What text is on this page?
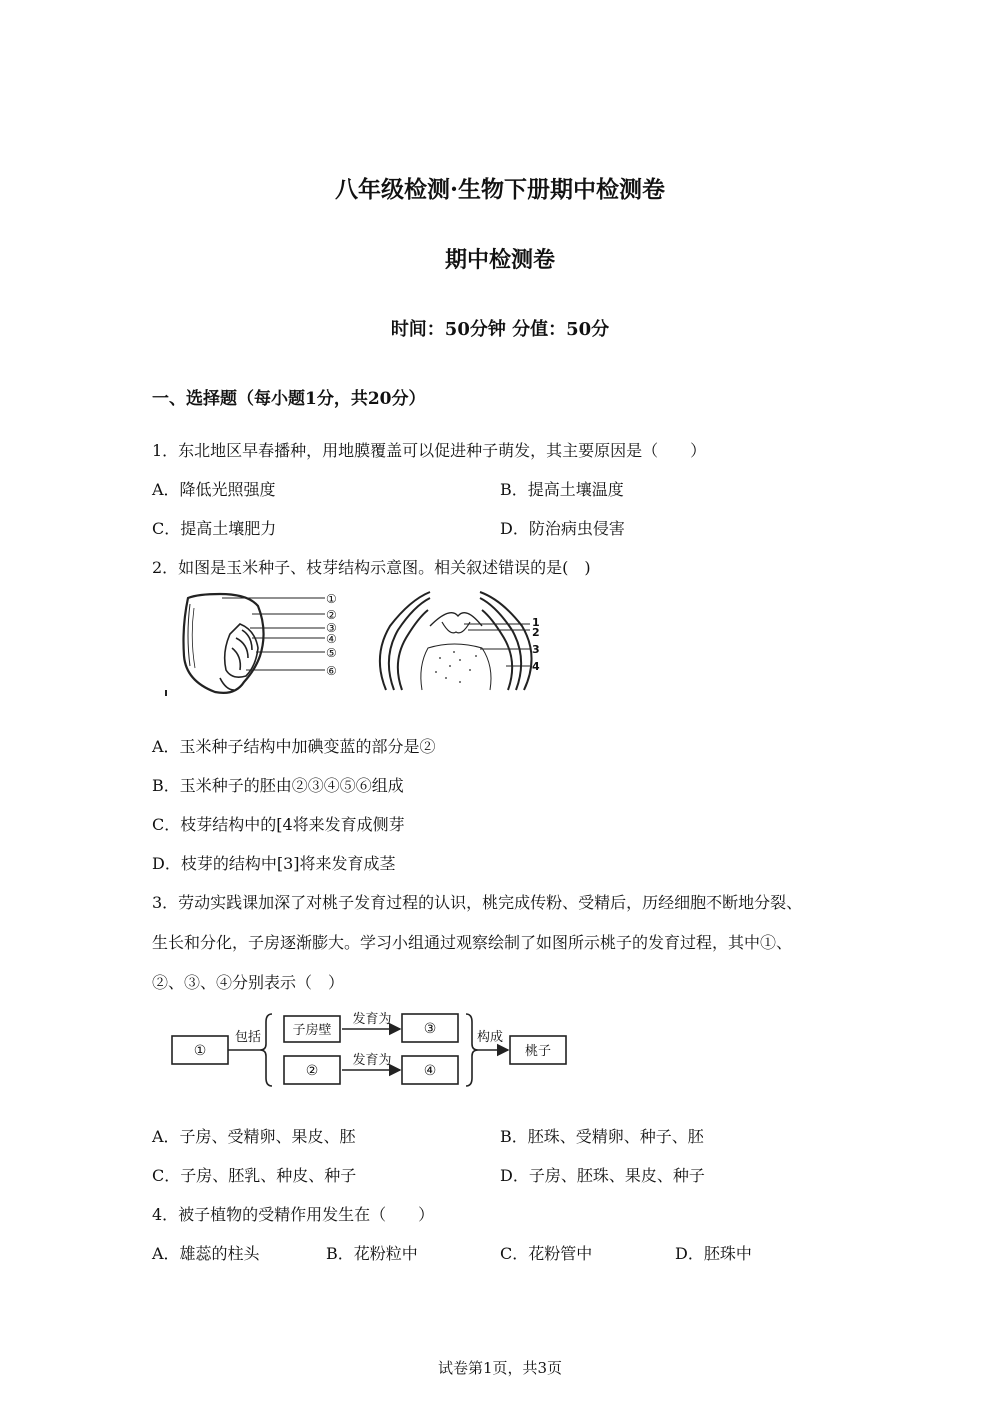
八年级检测·生物下册期中检测卷
期中检测卷
时间：50分钟 分值：50分
一、选择题（每小题1分，共20分）
1．东北地区早春播种，用地膜覆盖可以促进种子萌发，其主要原因是（　　）
A．降低光照强度	B．提高土壤温度
C．提高土壤肥力	D．防治病虫侵害
2．如图是玉米种子、枝芽结构示意图。相关叙述错误的是(　)
①
②
③
④
⑤
⑥
1
2
3
4
A．玉米种子结构中加碘变蓝的部分是②
B．玉米种子的胚由②③④⑤⑥组成
C．枝芽结构中的[4将来发育成侧芽
D．枝芽的结构中[3]将来发育成茎
3．劳动实践课加深了对桃子发育过程的认识，桃完成传粉、受精后，历经细胞不断地分裂、
生长和分化，子房逐渐膨大。学习小组通过观察绘制了如图所示桃子的发育过程，其中①、
②、③、④分别表示（　）
①
包括 子房壁
②
发育为
发育为
③
④
构成
桃子
A．子房、受精卵、果皮、胚	B．胚珠、受精卵、种子、胚
C．子房、胚乳、种皮、种子	D．子房、胚珠、果皮、种子
4．被子植物的受精作用发生在（　　）
A．雄蕊的柱头	B．花粉粒中	C．花粉管中	D．胚珠中
试卷第1页，共3页
